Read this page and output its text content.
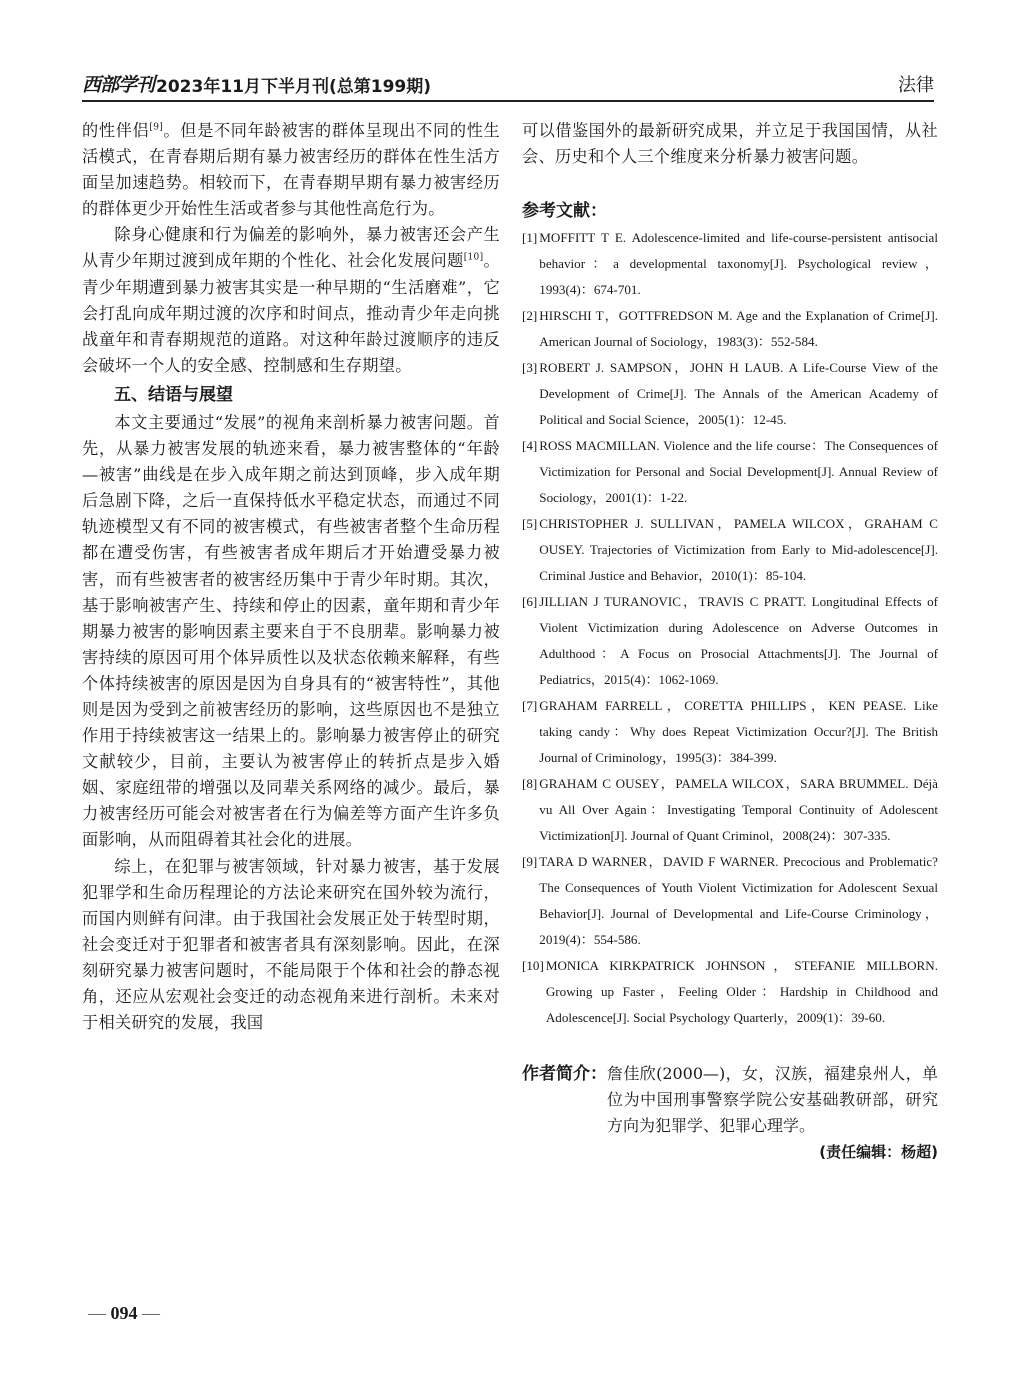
西部学刊 2023年11月下半月刊(总第199期)	法律

的性伴侣[9]。但是不同年龄被害的群体呈现出不同的性生活模式，在青春期后期有暴力被害经历的群体在性生活方面呈加速趋势。相较而下，在青春期早期有暴力被害经历的群体更少开始性生活或者参与其他性高危行为。

除身心健康和行为偏差的影响外，暴力被害还会产生从青少年期过渡到成年期的个性化、社会化发展问题[10]。青少年期遭到暴力被害其实是一种早期的“生活磨难”，它会打乱向成年期过渡的次序和时间点，推动青少年走向挑战童年和青春期规范的道路。对这种年龄过渡顺序的违反会破坏一个人的安全感、控制感和生存期望。

五、结语与展望

本文主要通过“发展”的视角来剖析暴力被害问题。首先，从暴力被害发展的轨迹来看，暴力被害整体的“年龄—被害”曲线是在步入成年期之前达到顶峰，步入成年期后急剧下降，之后一直保持低水平稳定状态，而通过不同轨迹模型又有不同的被害模式，有些被害者整个生命历程都在遭受伤害，有些被害者成年期后才开始遭受暴力被害，而有些被害者的被害经历集中于青少年时期。其次，基于影响被害产生、持续和停止的因素，童年期和青少年期暴力被害的影响因素主要来自于不良朋辈。影响暴力被害持续的原因可用个体异质性以及状态依赖来解释，有些个体持续被害的原因是因为自身具有的“被害特性”，其他则是因为受到之前被害经历的影响，这些原因也不是独立作用于持续被害这一结果上的。影响暴力被害停止的研究文献较少，目前，主要认为被害停止的转折点是步入婚姻、家庭纽带的增强以及同辈关系网络的减少。最后，暴力被害经历可能会对被害者在行为偏差等方面产生许多负面影响，从而阻碍着其社会化的进展。

综上，在犯罪与被害领域，针对暴力被害，基于发展犯罪学和生命历程理论的方法论来研究在国外较为流行，而国内则鲜有问津。由于我国社会发展正处于转型时期，社会变迁对于犯罪者和被害者具有深刻影响。因此，在深刻研究暴力被害问题时，不能局限于个体和社会的静态视角，还应从宏观社会变迁的动态视角来进行剖析。未来对于相关研究的发展，我国

可以借鉴国外的最新研究成果，并立足于我国国情，从社会、历史和个人三个维度来分析暴力被害问题。

参考文献：
[1] MOFFITT T E. Adolescence-limited and life-course-persistent antisocial behavior：a developmental taxonomy[J]. Psychological review，1993(4)：674-701.
[2] HIRSCHI T，GOTTFREDSON M. Age and the Explanation of Crime[J]. American Journal of Sociology，1983(3)：552-584.
[3] ROBERT J. SAMPSON，JOHN H LAUB. A Life-Course View of the Development of Crime[J]. The Annals of the American Academy of Political and Social Science，2005(1)：12-45.
[4] ROSS MACMILLAN. Violence and the life course：The Consequences of Victimization for Personal and Social Development[J]. Annual Review of Sociology，2001(1)：1-22.
[5] CHRISTOPHER J. SULLIVAN，PAMELA WILCOX，GRAHAM C OUSEY. Trajectories of Victimization from Early to Mid-adolescence[J]. Criminal Justice and Behavior，2010(1)：85-104.
[6] JILLIAN J TURANOVIC，TRAVIS C PRATT. Longitudinal Effects of Violent Victimization during Adolescence on Adverse Outcomes in Adulthood：A Focus on Prosocial Attachments[J]. The Journal of Pediatrics，2015(4)：1062-1069.
[7] GRAHAM FARRELL，CORETTA PHILLIPS，KEN PEASE. Like taking candy：Why does Repeat Victimization Occur?[J]. The British Journal of Criminology，1995(3)：384-399.
[8] GRAHAM C OUSEY，PAMELA WILCOX，SARA BRUMMEL. Déjà vu All Over Again：Investigating Temporal Continuity of Adolescent Victimization[J]. Journal of Quant Criminol，2008(24)：307-335.
[9] TARA D WARNER，DAVID F WARNER. Precocious and Problematic? The Consequences of Youth Violent Victimization for Adolescent Sexual Behavior[J]. Journal of Developmental and Life-Course Criminology，2019(4)：554-586.
[10] MONICA KIRKPATRICK JOHNSON，STEFANIE MILLBORN. Growing up Faster，Feeling Older：Hardship in Childhood and Adolescence[J]. Social Psychology Quarterly，2009(1)：39-60.
作者简介： 詹佳欣(2000—)，女，汉族，福建泉州人，单位为中国刑事警察学院公安基础教研部，研究方向为犯罪学、犯罪心理学。
(责任编辑：杨超)
— 094 —
